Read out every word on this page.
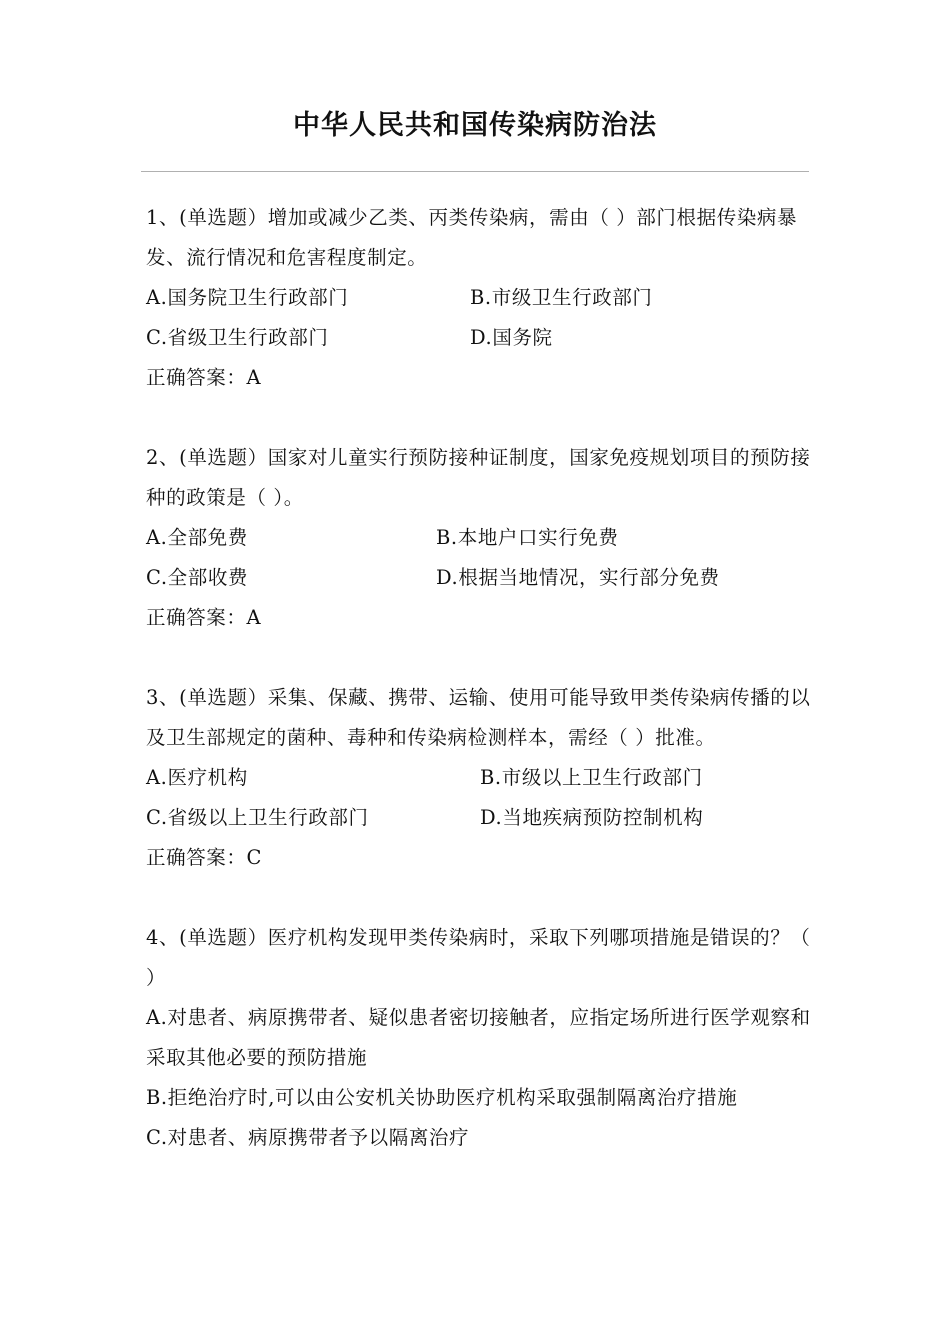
中华人民共和国传染病防治法
1、(单选题）增加或减少乙类、丙类传染病，需由（ ）部门根据传染病暴发、流行情况和危害程度制定。
A.国务院卫生行政部门	B.市级卫生行政部门
C.省级卫生行政部门	D.国务院
正确答案：A
2、(单选题）国家对儿童实行预防接种证制度，国家免疫规划项目的预防接种的政策是（ ）。
A.全部免费	B.本地户口实行免费
C.全部收费	D.根据当地情况，实行部分免费
正确答案：A
3、(单选题）采集、保藏、携带、运输、使用可能导致甲类传染病传播的以及卫生部规定的菌种、毒种和传染病检测样本，需经（ ）批准。
A.医疗机构	B.市级以上卫生行政部门
C.省级以上卫生行政部门	D.当地疾病预防控制机构
正确答案：C
4、(单选题）医疗机构发现甲类传染病时，采取下列哪项措施是错误的？（ ）
A.对患者、病原携带者、疑似患者密切接触者，应指定场所进行医学观察和采取其他必要的预防措施
B.拒绝治疗时,可以由公安机关协助医疗机构采取强制隔离治疗措施
C.对患者、病原携带者予以隔离治疗
